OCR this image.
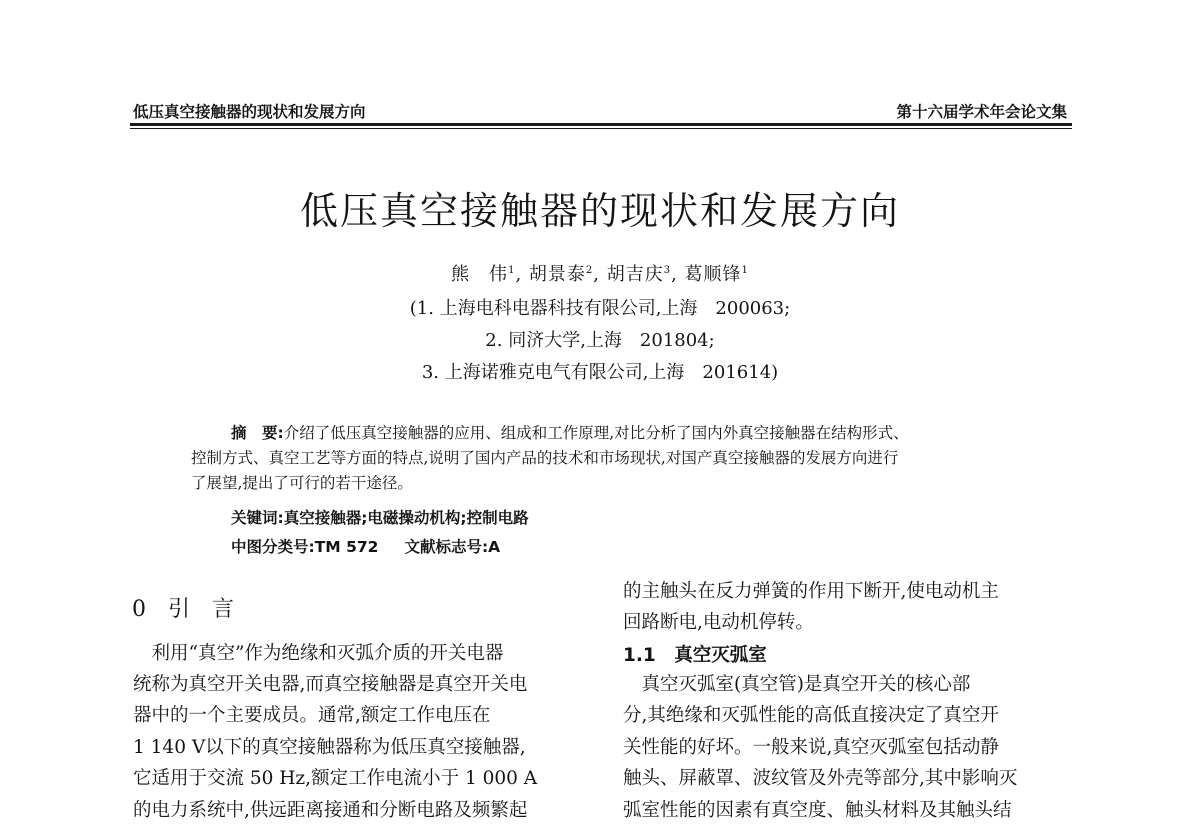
低压真空接触器的现状和发展方向	第十六届学术年会论文集
低压真空接触器的现状和发展方向
熊　伟$^1$, 胡景泰$^2$, 胡吉庆$^3$, 葛顺锋$^1$
(1. 上海电科电器科技有限公司,上海　200063;
2. 同济大学,上海　201804;
3. 上海诺雅克电气有限公司,上海　201614)
摘　要:介绍了低压真空接触器的应用、组成和工作原理,对比分析了国内外真空接触器在结构形式、
控制方式、真空工艺等方面的特点,说明了国内产品的技术和市场现状,对国产真空接触器的发展方向进行
了展望,提出了可行的若干途径。
关键词:真空接触器;电磁操动机构;控制电路
中图分类号:TM 572 文献标志号:A
0　引　言
　利用“真空”作为绝缘和灭弧介质的开关电器
统称为真空开关电器,而真空接触器是真空开关电
器中的一个主要成员。通常,额定工作电压在
1 140 V以下的真空接触器称为低压真空接触器,
它适用于交流 50 Hz,额定工作电流小于 1 000 A
的电力系统中,供远距离接通和分断电路及频繁起
的主触头在反力弹簧的作用下断开,使电动机主
回路断电,电动机停转。
1.1　真空灭弧室
　真空灭弧室(真空管)是真空开关的核心部
分,其绝缘和灭弧性能的高低直接决定了真空开
关性能的好坏。一般来说,真空灭弧室包括动静
触头、屏蔽罩、波纹管及外壳等部分,其中影响灭
弧室性能的因素有真空度、触头材料及其触头结
